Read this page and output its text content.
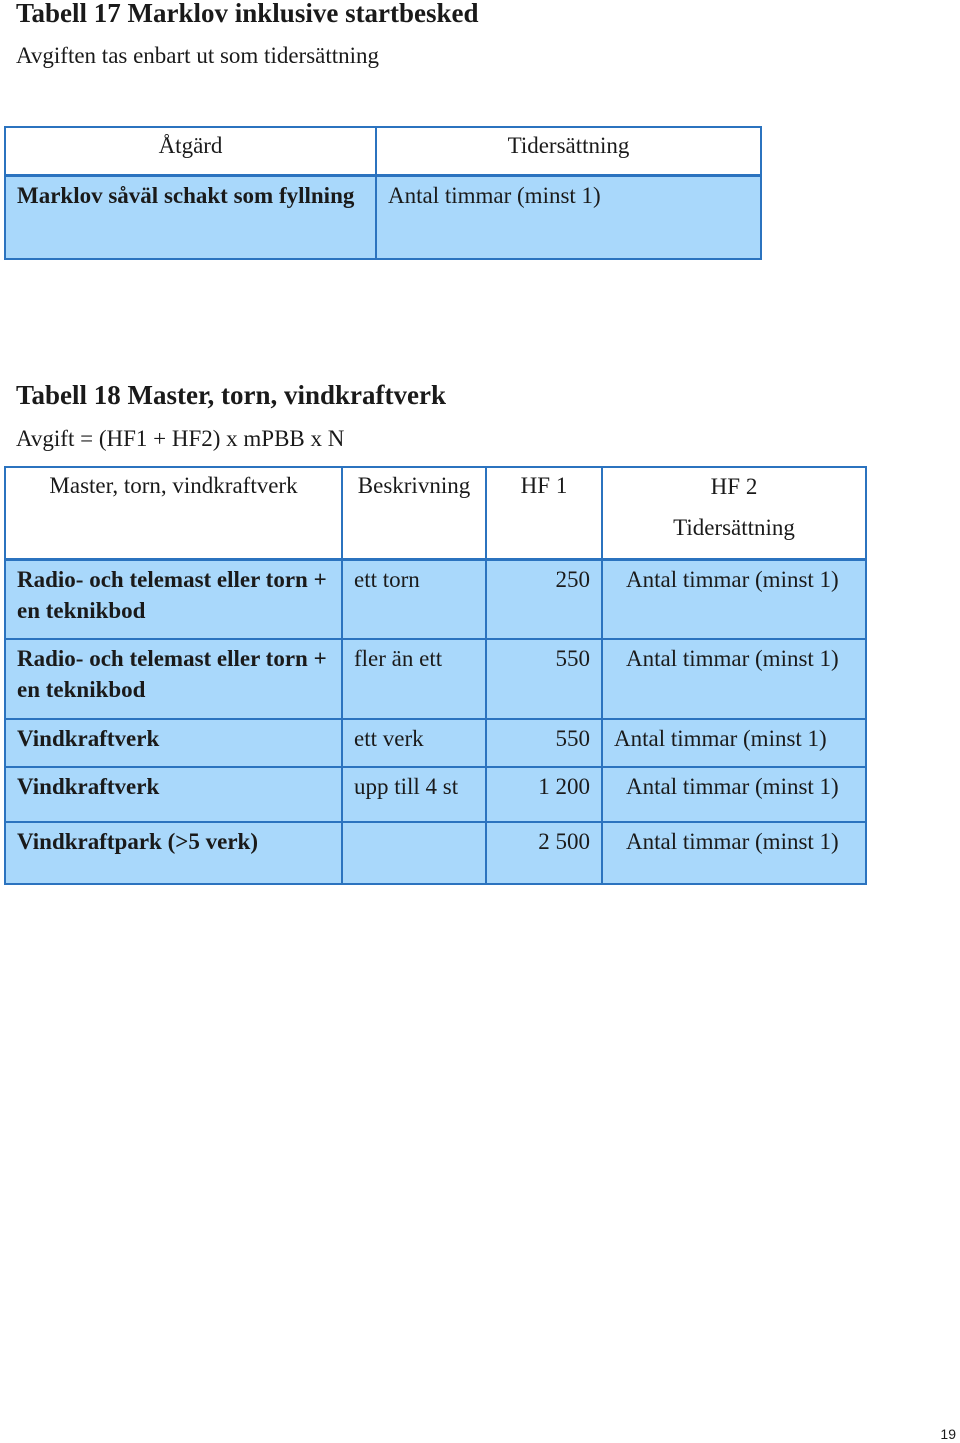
Tabell 17 Marklov inklusive startbesked
Avgiften tas enbart ut som tidersättning
Åtgärd	Tidersättning
Marklov såväl schakt som fyllning	Antal timmar (minst 1)
Tabell 18 Master, torn, vindkraftverk
Avgift = (HF1 + HF2) x mPBB x N
Master, torn, vindkraftverk	Beskrivning	HF 1	HF 2
Tidersättning

Radio- och telemast eller torn + en teknikbod	ett torn	250	Antal timmar (minst 1)
Radio- och telemast eller torn + en teknikbod	fler än ett	550	Antal timmar (minst 1)
Vindkraftverk	ett verk	550	Antal timmar (minst 1)
Vindkraftverk	upp till 4 st	1 200	Antal timmar (minst 1)
Vindkraftpark (>5 verk)		2 500	Antal timmar (minst 1)
19
